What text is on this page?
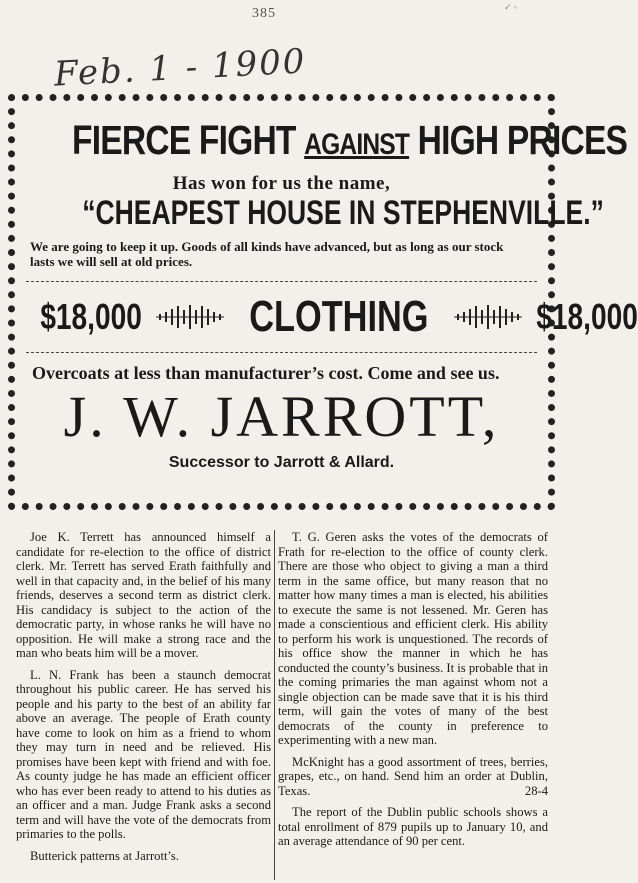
385	✓ ◦
Feb. 1 - 1900
FIERCE FIGHT AGAINST HIGH PRICES
Has won for us the name,
“CHEAPEST HOUSE IN STEPHENVILLE.”
We are going to keep it up. Goods of all kinds have advanced, but as long as our stock lasts we will sell at old prices.
$18,000 CLOTHING	$18,000
Overcoats at less than manufacturer’s cost. Come and see us.
J. W. JARROTT,
Successor to Jarrott & Allard.

Joe K. Terrett has announced himself a candidate for re-election to the office of district clerk. Mr. Terrett has served Erath faithfully and well in that capacity and, in the belief of his many friends, deserves a second term as district clerk. His candidacy is subject to the action of the democratic party, in whose ranks he will have no opposition. He will make a strong race and the man who beats him will be a mover.

L. N. Frank has been a staunch democrat throughout his public career. He has served his people and his party to the best of an ability far above an average. The people of Erath county have come to look on him as a friend to whom they may turn in need and be relieved. His promises have been kept with friend and with foe. As county judge he has made an efficient officer who has ever been ready to attend to his duties as an officer and a man. Judge Frank asks a second term and will have the vote of the democrats from primaries to the polls.

Butterick patterns at Jarrott’s.

T. G. Geren asks the votes of the democrats of Frath for re-election to the office of county clerk. There are those who object to giving a man a third term in the same office, but many reason that no matter how many times a man is elected, his abilities to execute the same is not lessened. Mr. Geren has made a conscientious and efficient clerk. His ability to perform his work is unquestioned. The records of his office show the manner in which he has conducted the county’s business. It is probable that in the coming primaries the man against whom not a single objection can be made save that it is his third term, will gain the votes of many of the best democrats of the county in preference to experimenting with a new man.

McKnight has a good assortment of trees, berries, grapes, etc., on hand. Send him an order at Dublin, Texas.	28-4

The report of the Dublin public schools shows a total enrollment of 879 pupils up to January 10, and an average attendance of 90 per cent.
